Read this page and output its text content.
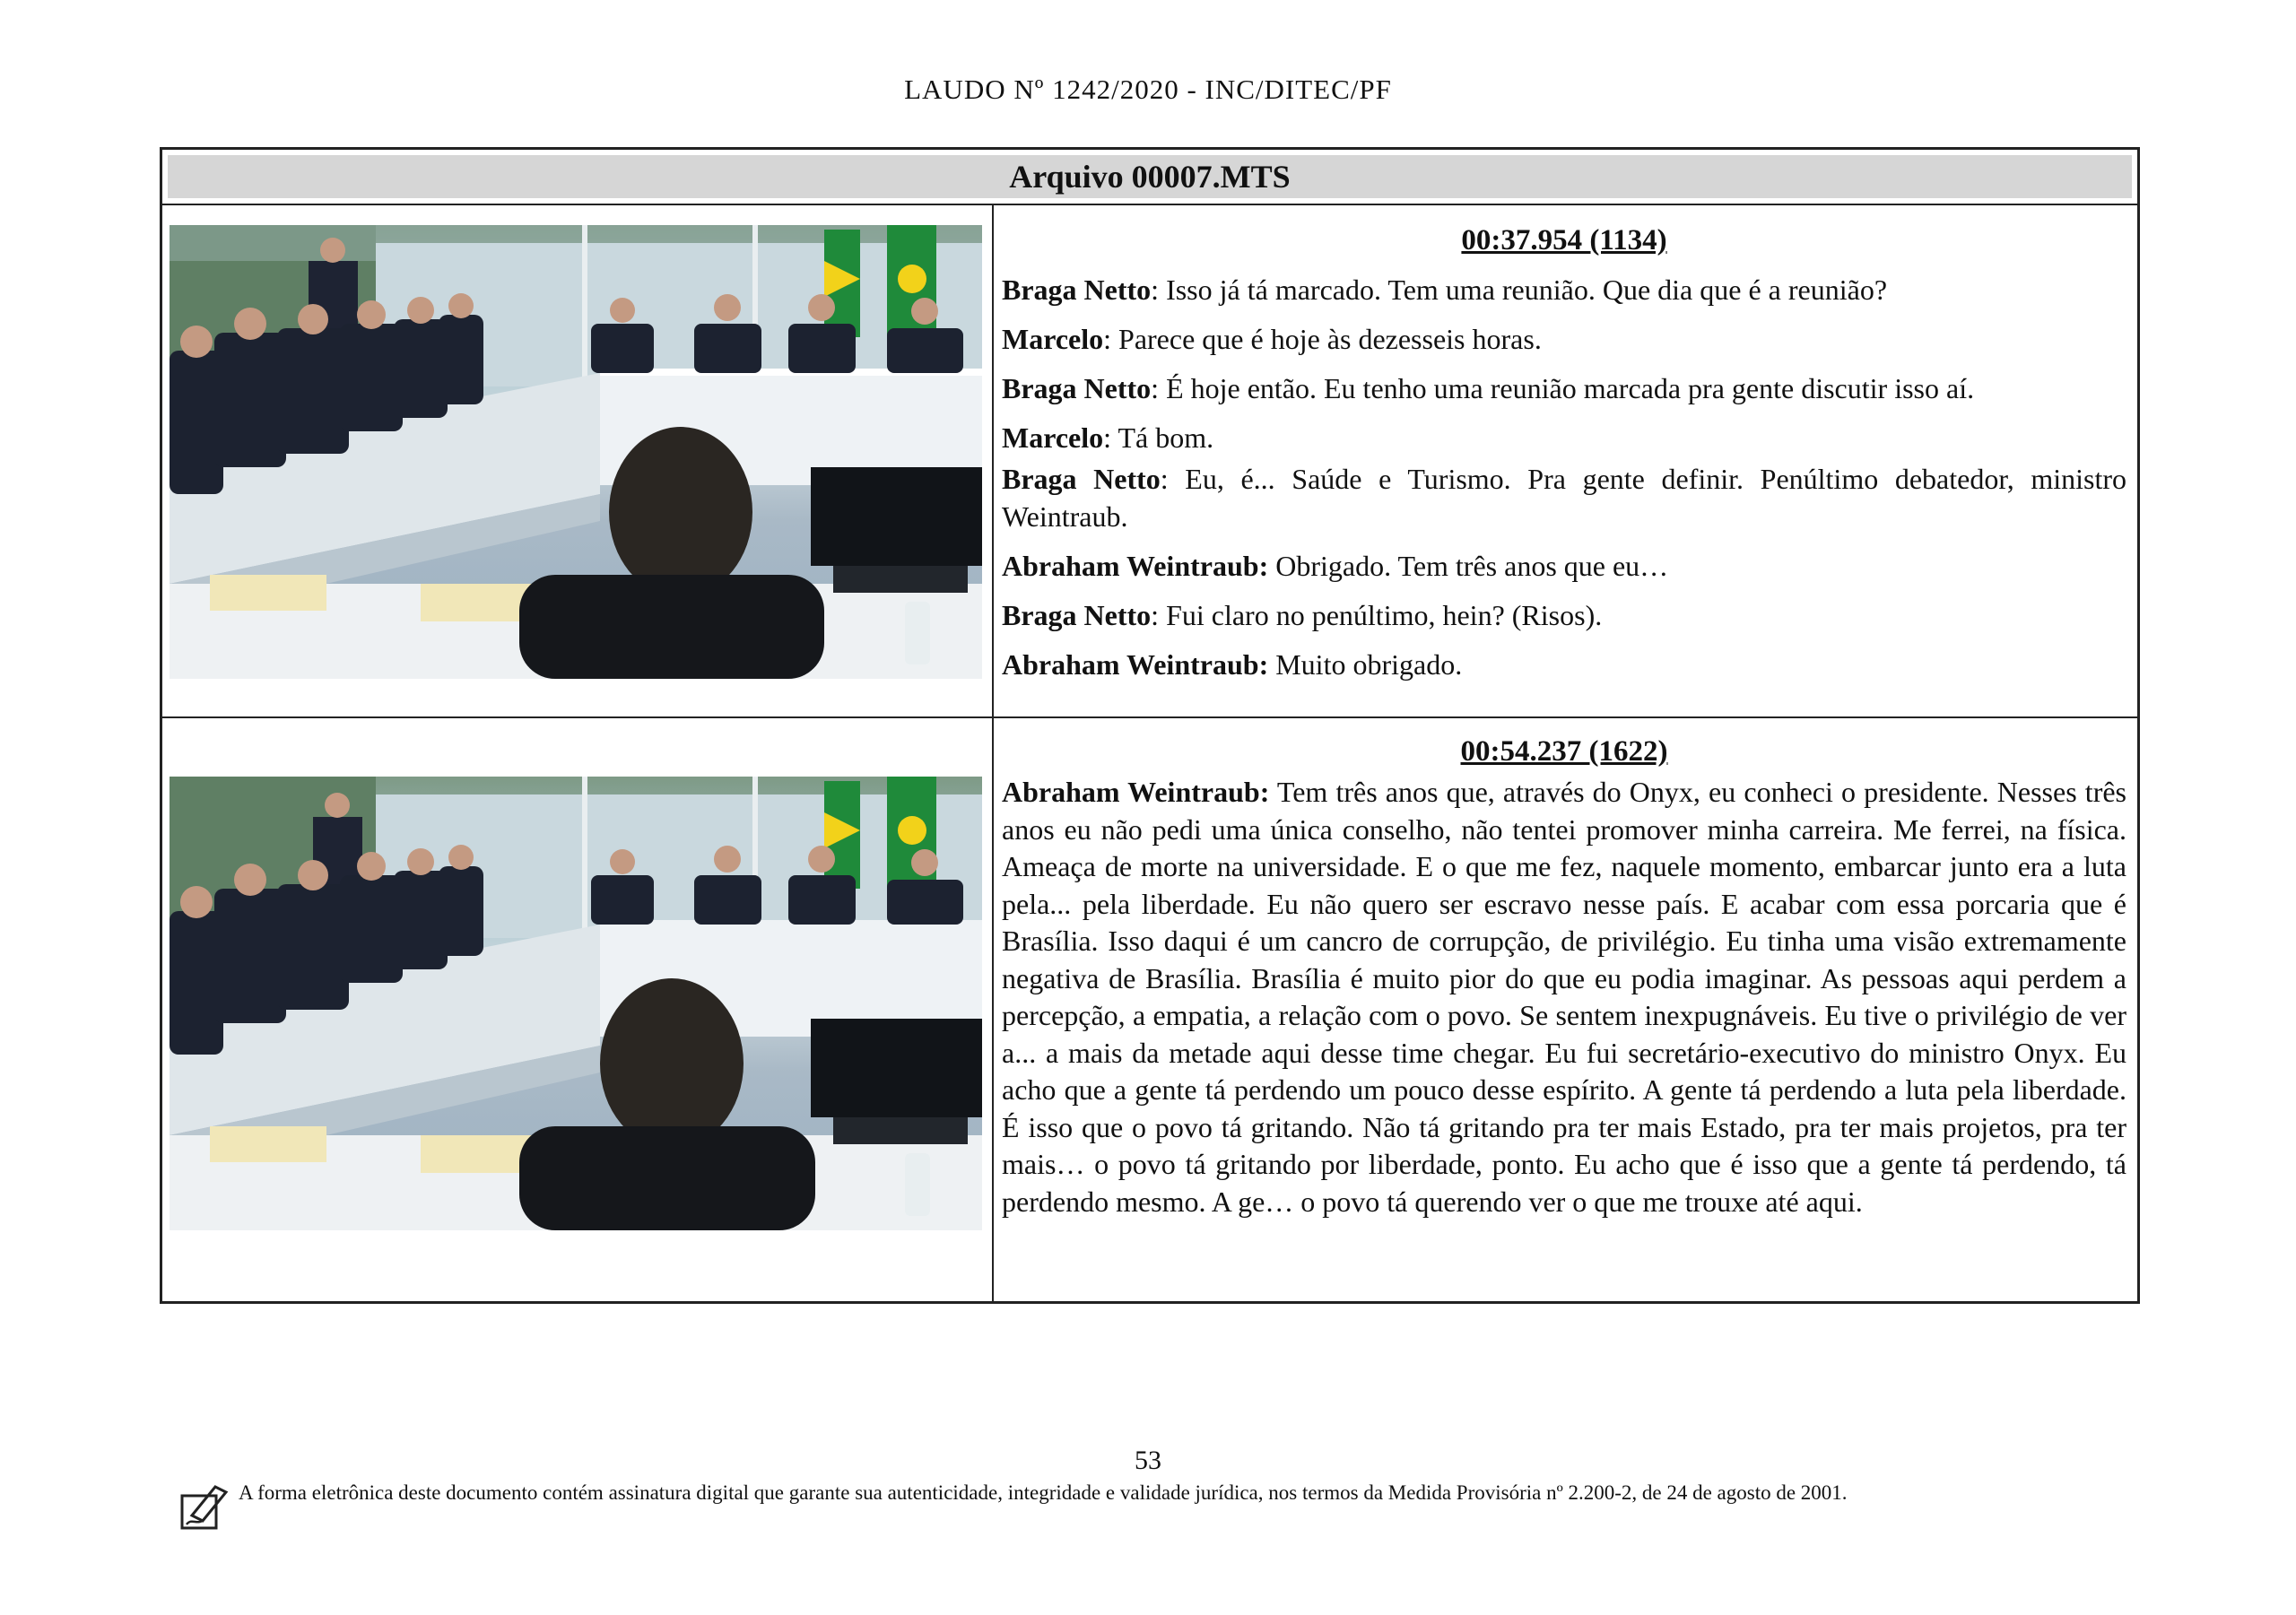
LAUDO Nº 1242/2020 - INC/DITEC/PF
Arquivo 00007.MTS
00:37.954 (1134)
Braga Netto: Isso já tá marcado. Tem uma reunião. Que dia que é a reunião?
Marcelo: Parece que é hoje às dezesseis horas.
Braga Netto: É hoje então. Eu tenho uma reunião marcada pra gente discutir isso aí.
Marcelo: Tá bom.
Braga Netto: Eu, é... Saúde e Turismo. Pra gente definir. Penúltimo debatedor, ministro Weintraub.
Abraham Weintraub: Obrigado. Tem três anos que eu…
Braga Netto: Fui claro no penúltimo, hein? (Risos).
Abraham Weintraub: Muito obrigado.
00:54.237 (1622)
Abraham Weintraub: Tem três anos que, através do Onyx, eu conheci o presidente. Nesses três anos eu não pedi uma única conselho, não tentei promover minha carreira. Me ferrei, na física. Ameaça de morte na universidade. E o que me fez, naquele momento, embarcar junto era a luta pela... pela liberdade. Eu não quero ser escravo nesse país. E acabar com essa porcaria que é Brasília. Isso daqui é um cancro de corrupção, de privilégio. Eu tinha uma visão extremamente negativa de Brasília. Brasília é muito pior do que eu podia imaginar. As pessoas aqui perdem a percepção, a empatia, a relação com o povo. Se sentem inexpugnáveis. Eu tive o privilégio de ver a... a mais da metade aqui desse time chegar. Eu fui secretário-executivo do ministro Onyx. Eu acho que a gente tá perdendo um pouco desse espírito. A gente tá perdendo a luta pela liberdade. É isso que o povo tá gritando. Não tá gritando pra ter mais Estado, pra ter mais projetos, pra ter mais… o povo tá gritando por liberdade, ponto. Eu acho que é isso que a gente tá perdendo, tá perdendo mesmo. A ge… o povo tá querendo ver o que me trouxe até aqui.
53
A forma eletrônica deste documento contém assinatura digital que garante sua autenticidade, integridade e validade jurídica, nos termos da Medida Provisória nº 2.200-2, de 24 de agosto de 2001.
